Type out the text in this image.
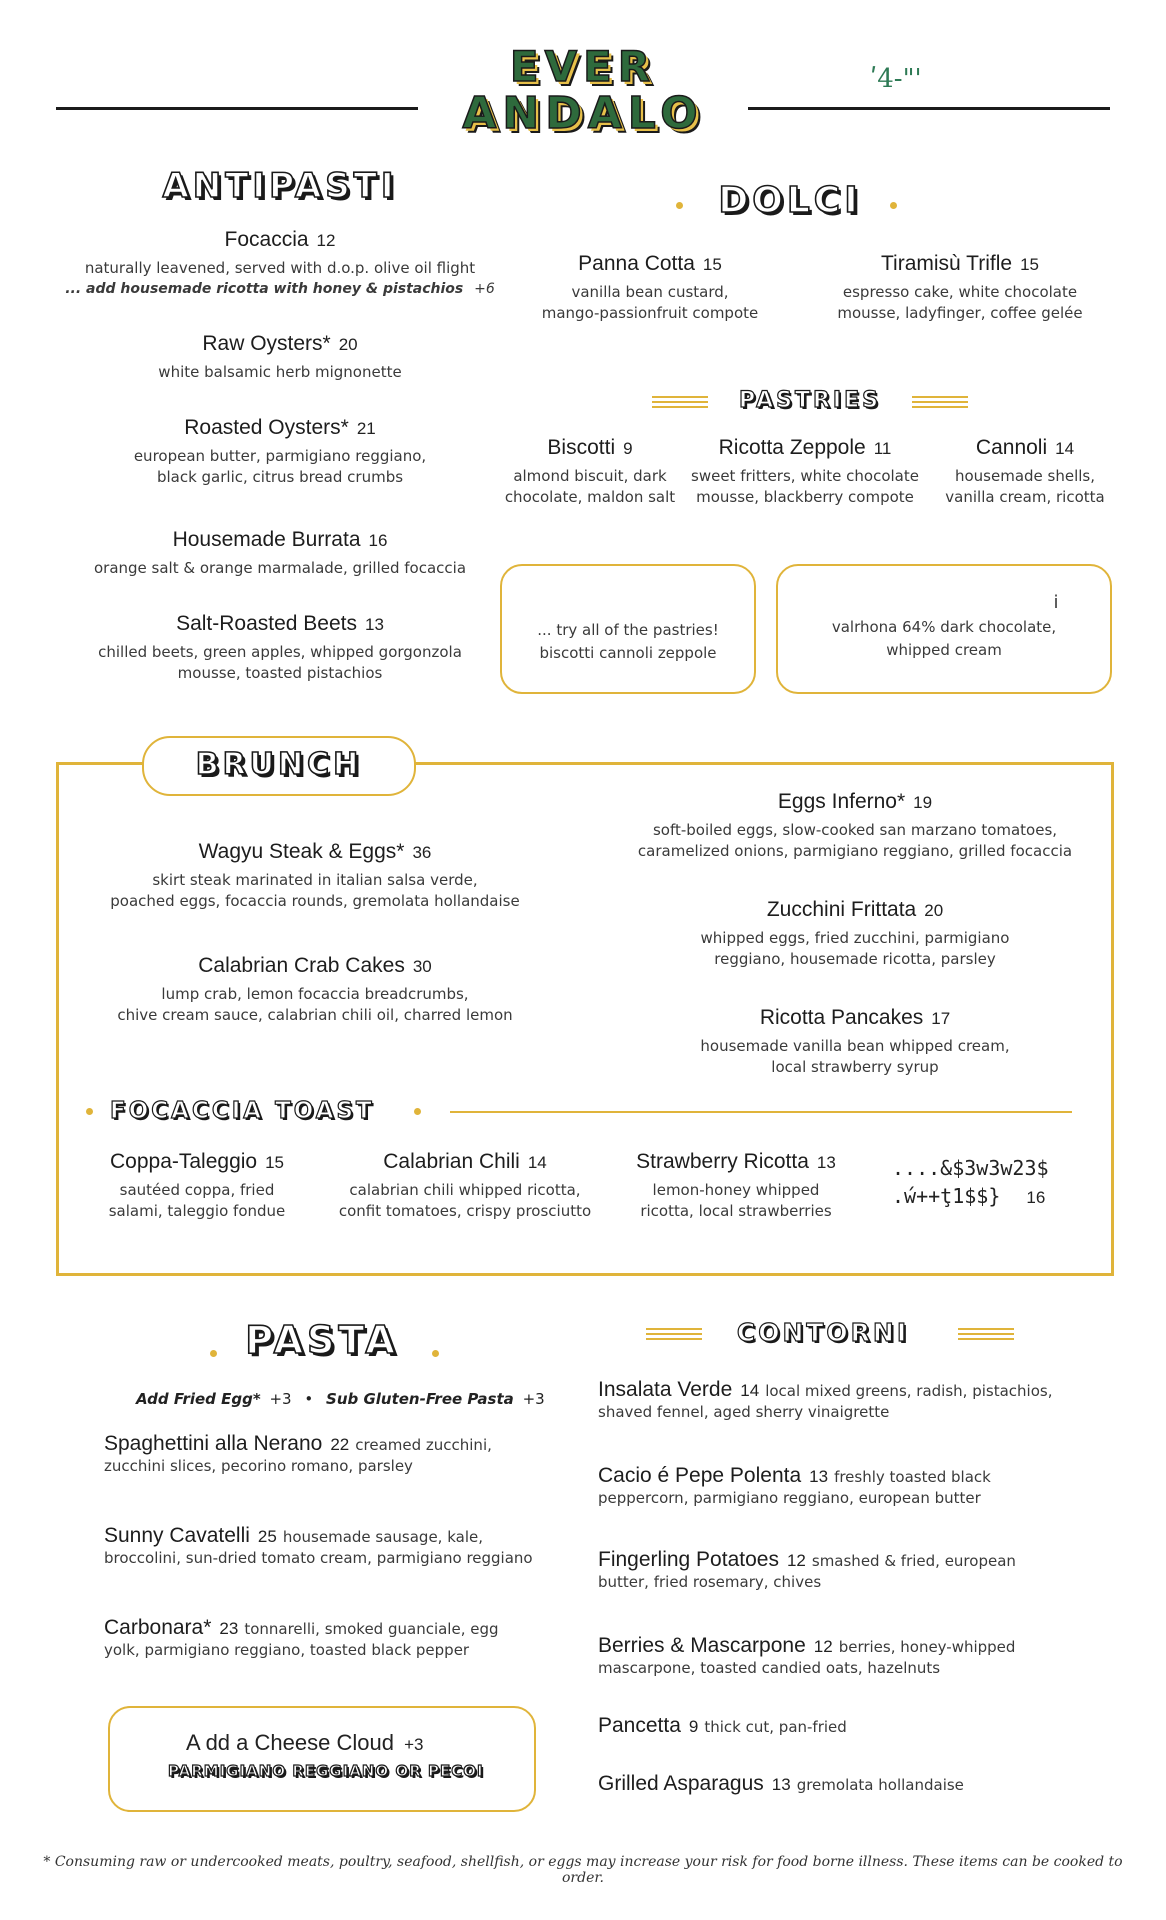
EVER
ANDALO
ʹ4-"'
ANTIPASTI
Focaccia 12
naturally leavened, served with d.o.p. olive oil flight
... add housemade ricotta with honey & pistachios +6
Raw Oysters* 20
white balsamic herb mignonette
Roasted Oysters* 21
european butter, parmigiano reggiano,
black garlic, citrus bread crumbs
Housemade Burrata 16
orange salt & orange marmalade, grilled focaccia
Salt-Roasted Beets 13
chilled beets, green apples, whipped gorgonzola
mousse, toasted pistachios
DOLCI
Panna Cotta 15
vanilla bean custard,
mango-passionfruit compote
Tiramisù Trifle 15
espresso cake, white chocolate
mousse, ladyfinger, coffee gelée
PASTRIES
Biscotti 9
almond biscuit, dark
chocolate, maldon salt
Ricotta Zeppole 11
sweet fritters, white chocolate
mousse, blackberry compote
Cannoli 14
housemade shells,
vanilla cream, ricotta
... try all of the pastries!
biscotti cannoli zeppole
i
valrhona 64% dark chocolate,
whipped cream
BRUNCH
Wagyu Steak & Eggs* 36
skirt steak marinated in italian salsa verde,
poached eggs, focaccia rounds, gremolata hollandaise
Calabrian Crab Cakes 30
lump crab, lemon focaccia breadcrumbs,
chive cream sauce, calabrian chili oil, charred lemon
Eggs Inferno* 19
soft-boiled eggs, slow-cooked san marzano tomatoes,
caramelized onions, parmigiano reggiano, grilled focaccia
Zucchini Frittata 20
whipped eggs, fried zucchini, parmigiano
reggiano, housemade ricotta, parsley
Ricotta Pancakes 17
housemade vanilla bean whipped cream,
local strawberry syrup
FOCACCIA TOAST
Coppa-Taleggio 15
sautéed coppa, fried
salami, taleggio fondue
Calabrian Chili 14
calabrian chili whipped ricotta,
confit tomatoes, crispy prosciutto
Strawberry Ricotta 13
lemon-honey whipped
ricotta, local strawberries
....&$3w3w23$
.ẃ++ţ1$$} 16
PASTA
Add Fried Egg* +3 • Sub Gluten-Free Pasta +3
Spaghettini alla Nerano 22 creamed zucchini,
zucchini slices, pecorino romano, parsley
Sunny Cavatelli 25 housemade sausage, kale,
broccolini, sun-dried tomato cream, parmigiano reggiano
Carbonara* 23 tonnarelli, smoked guanciale, egg
yolk, parmigiano reggiano, toasted black pepper
A dd a Cheese Cloud +3
PARMIGIANO REGGIANO OR PECOI
CONTORNI
Insalata Verde 14 local mixed greens, radish, pistachios,
shaved fennel, aged sherry vinaigrette
Cacio é Pepe Polenta 13 freshly toasted black
peppercorn, parmigiano reggiano, european butter
Fingerling Potatoes 12 smashed & fried, european
butter, fried rosemary, chives
Berries & Mascarpone 12 berries, honey-whipped
mascarpone, toasted candied oats, hazelnuts
Pancetta 9 thick cut, pan-fried
Grilled Asparagus 13 gremolata hollandaise
* Consuming raw or undercooked meats, poultry, seafood, shellfish, or eggs may increase your risk for food borne illness. These items can be cooked to order.
